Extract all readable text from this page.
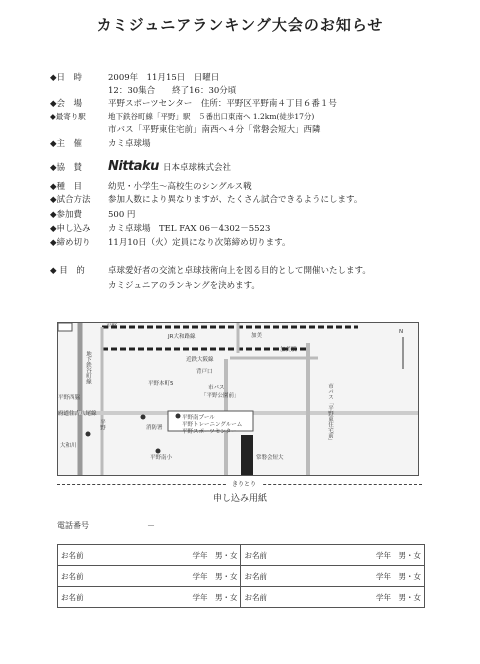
カミジュニアランキング大会のお知らせ
◆日　時	2009年　11月15日　日曜日
12：30集合　　終了16：30分頃
◆会　場	平野スポーツセンター　住所：平野区平野南４丁目６番１号
◆最寄り駅	地下鉄谷町線「平野」駅　５番出口東南へ 1.2km(徒歩17分)
市バス「平野東住宅前」南西へ４分「常磐会短大」西隣
◆主　催	カミ卓球場
◆協　賛 Nittaku 日本卓球株式会社
◆種　目	幼児・小学生～高校生のシングルス戦
◆試合方法 参加人数により異なりますが、たくさん試合できるようにします。
◆参加費	500 円
◆申し込み カミ卓球場　TEL FAX 06－4302－5523
◆締め切り 11月10日（火）定員になり次第締め切ります。
◆ 目　的	卓球愛好者の交流と卓球技術向上を図る目的として開催いたします。
カミジュニアのランキングを決めます。
平野
JR大和路線	加美
近鉄大阪線
加美駅
背戸口
平野本町5
市バス
「平野公園前」
地下鉄谷町線
平野西脇
府道住吉八尾線
消防署
平野南プール
平野トレーニングルーム
平野スポーツセンター
平野南小
大和川
常磐会短大
市バス「平野東住宅前」
平野
N
きりとり
申し込み用紙
電話番号	－
お名前	学年　 男・女	お名前	学年　 男・女
お名前	学年　 男・女	お名前	学年　 男・女
お名前	学年　 男・女	お名前	学年　 男・女
